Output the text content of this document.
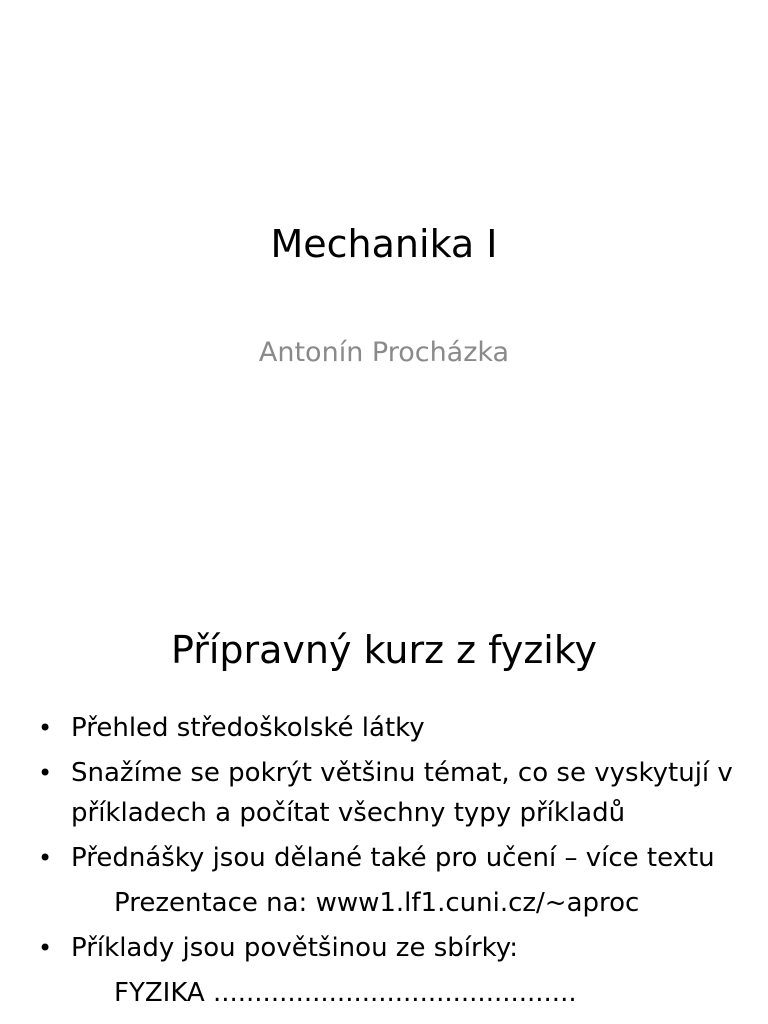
Mechanika I
Antonín Procházka
Přípravný kurz z fyziky
• Přehled středoškolské látky
• Snažíme se pokrýt většinu témat, co se vyskytují v příkladech a počítat všechny typy příkladů
• Přednášky jsou dělané také pro učení – více textu
Prezentace na: www1.lf1.cuni.cz/~aproc
• Příklady jsou povětšinou ze sbírky:
FYZIKA ............................................
